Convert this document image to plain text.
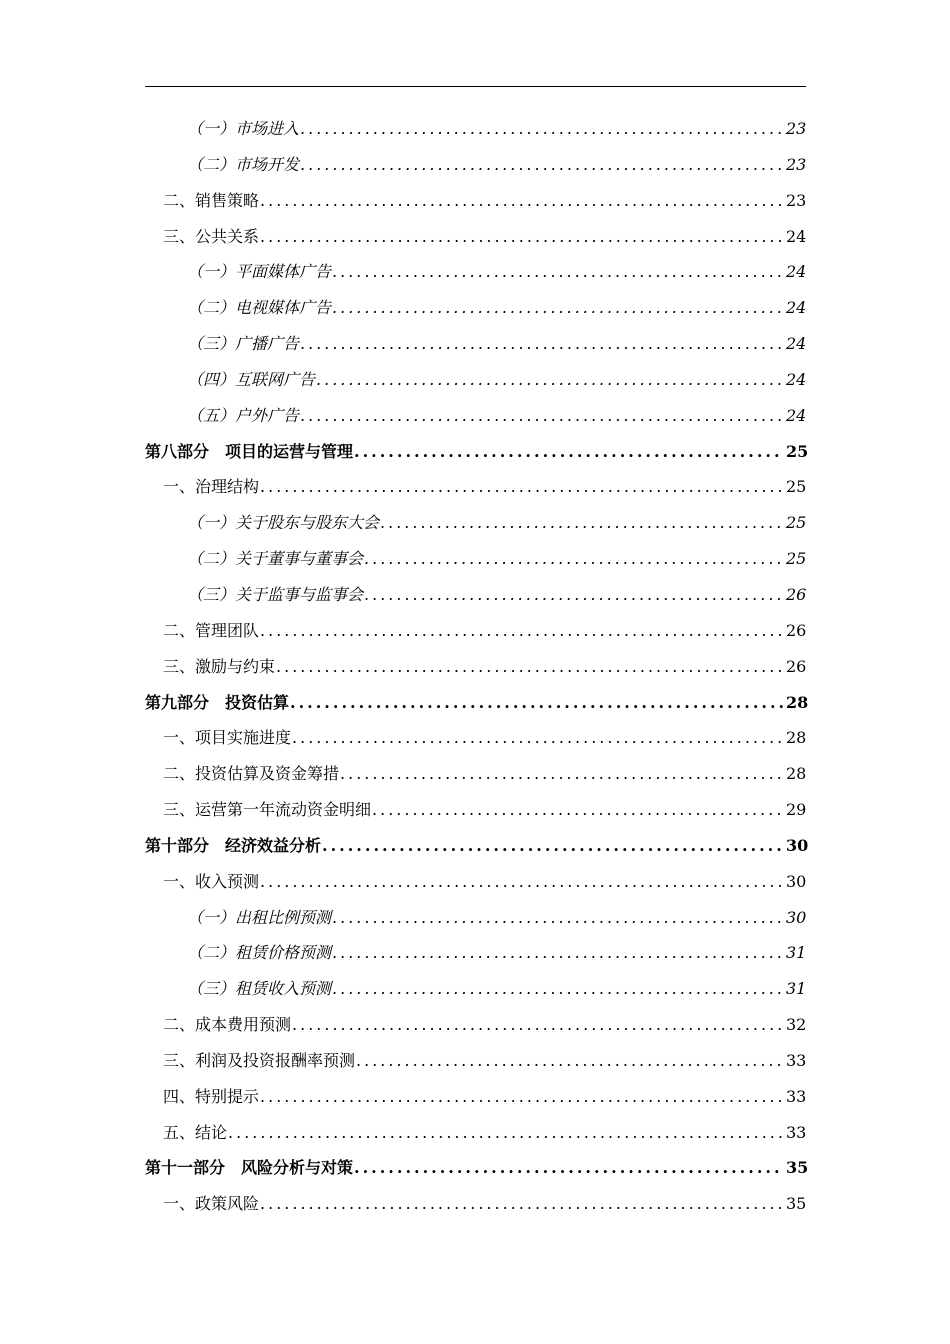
（一）市场进入 .....	23
（二）市场开发 .....	23
二、销售策略 .....	23
三、公共关系 .....	24
（一）平面媒体广告 .....	24
（二）电视媒体广告 .....	24
（三）广播广告 .....	24
（四）互联网广告 .....	24
（五）户外广告 .....	24
第八部分　项目的运营与管理 .....	25
一、治理结构 .....	25
（一）关于股东与股东大会 .....	25
（二）关于董事与董事会 .....	25
（三）关于监事与监事会 .....	26
二、管理团队 .....	26
三、激励与约束 .....	26
第九部分　投资估算 .....	28
一、项目实施进度 .....	28
二、投资估算及资金筹措 .....	28
三、运营第一年流动资金明细 .....	29
第十部分　经济效益分析 .....	30
一、收入预测 .....	30
（一）出租比例预测 .....	30
（二）租赁价格预测 .....	31
（三）租赁收入预测 .....	31
二、成本费用预测 .....	32
三、利润及投资报酬率预测 .....	33
四、特别提示 .....	33
五、结论 .....	33
第十一部分　风险分析与对策 .....	35
一、政策风险 .....	35
